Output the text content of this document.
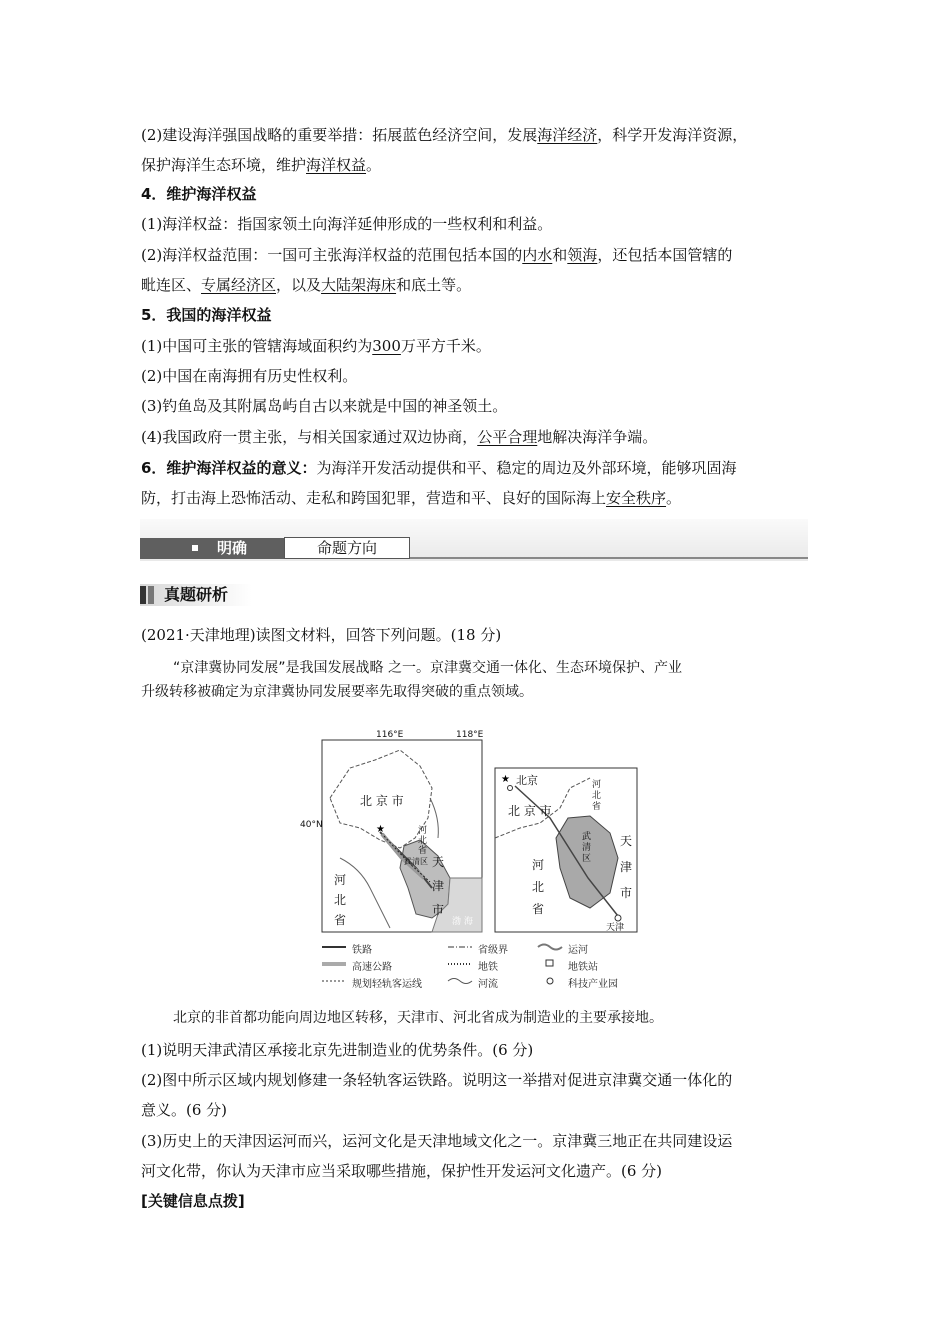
(2)建设海洋强国战略的重要举措：拓展蓝色经济空间，发展海洋经济，科学开发海洋资源，
保护海洋生态环境，维护海洋权益。
4．维护海洋权益
(1)海洋权益：指国家领土向海洋延伸形成的一些权利和利益。
(2)海洋权益范围：一国可主张海洋权益的范围包括本国的内水和领海，还包括本国管辖的
毗连区、专属经济区，以及大陆架海床和底土等。
5．我国的海洋权益
(1)中国可主张的管辖海域面积约为300万平方千米。
(2)中国在南海拥有历史性权利。
(3)钓鱼岛及其附属岛屿自古以来就是中国的神圣领土。
(4)我国政府一贯主张，与相关国家通过双边协商，公平合理地解决海洋争端。
6．维护海洋权益的意义：为海洋开发活动提供和平、稳定的周边及外部环境，能够巩固海
防，打击海上恐怖活动、走私和跨国犯罪，营造和平、良好的国际海上安全秩序。
明确	命题方向
真题研析
(2021·天津地理)读图文材料，回答下列问题。(18 分)
“京津冀协同发展”是我国发展战略 之一。京津冀交通一体化、生态环境保护、产业
升级转移被确定为京津冀协同发展要率先取得突破的重点领域。
★
★
116°E	118°E
40°N
北 京 市
河北省
武清区 天津市
河北省	渤 海
北京
北 京 市
河北省
武清区
天津市
河北省
天津
铁路	省级界	运河
高速公路	地铁	地铁站
规划轻轨客运线	河流	科技产业园
北京的非首都功能向周边地区转移，天津市、河北省成为制造业的主要承接地。
(1)说明天津武清区承接北京先进制造业的优势条件。(6 分)
(2)图中所示区域内规划修建一条轻轨客运铁路。说明这一举措对促进京津冀交通一体化的
意义。(6 分)
(3)历史上的天津因运河而兴，运河文化是天津地域文化之一。京津冀三地正在共同建设运
河文化带，你认为天津市应当采取哪些措施，保护性开发运河文化遗产。(6 分)
[关键信息点拨]
